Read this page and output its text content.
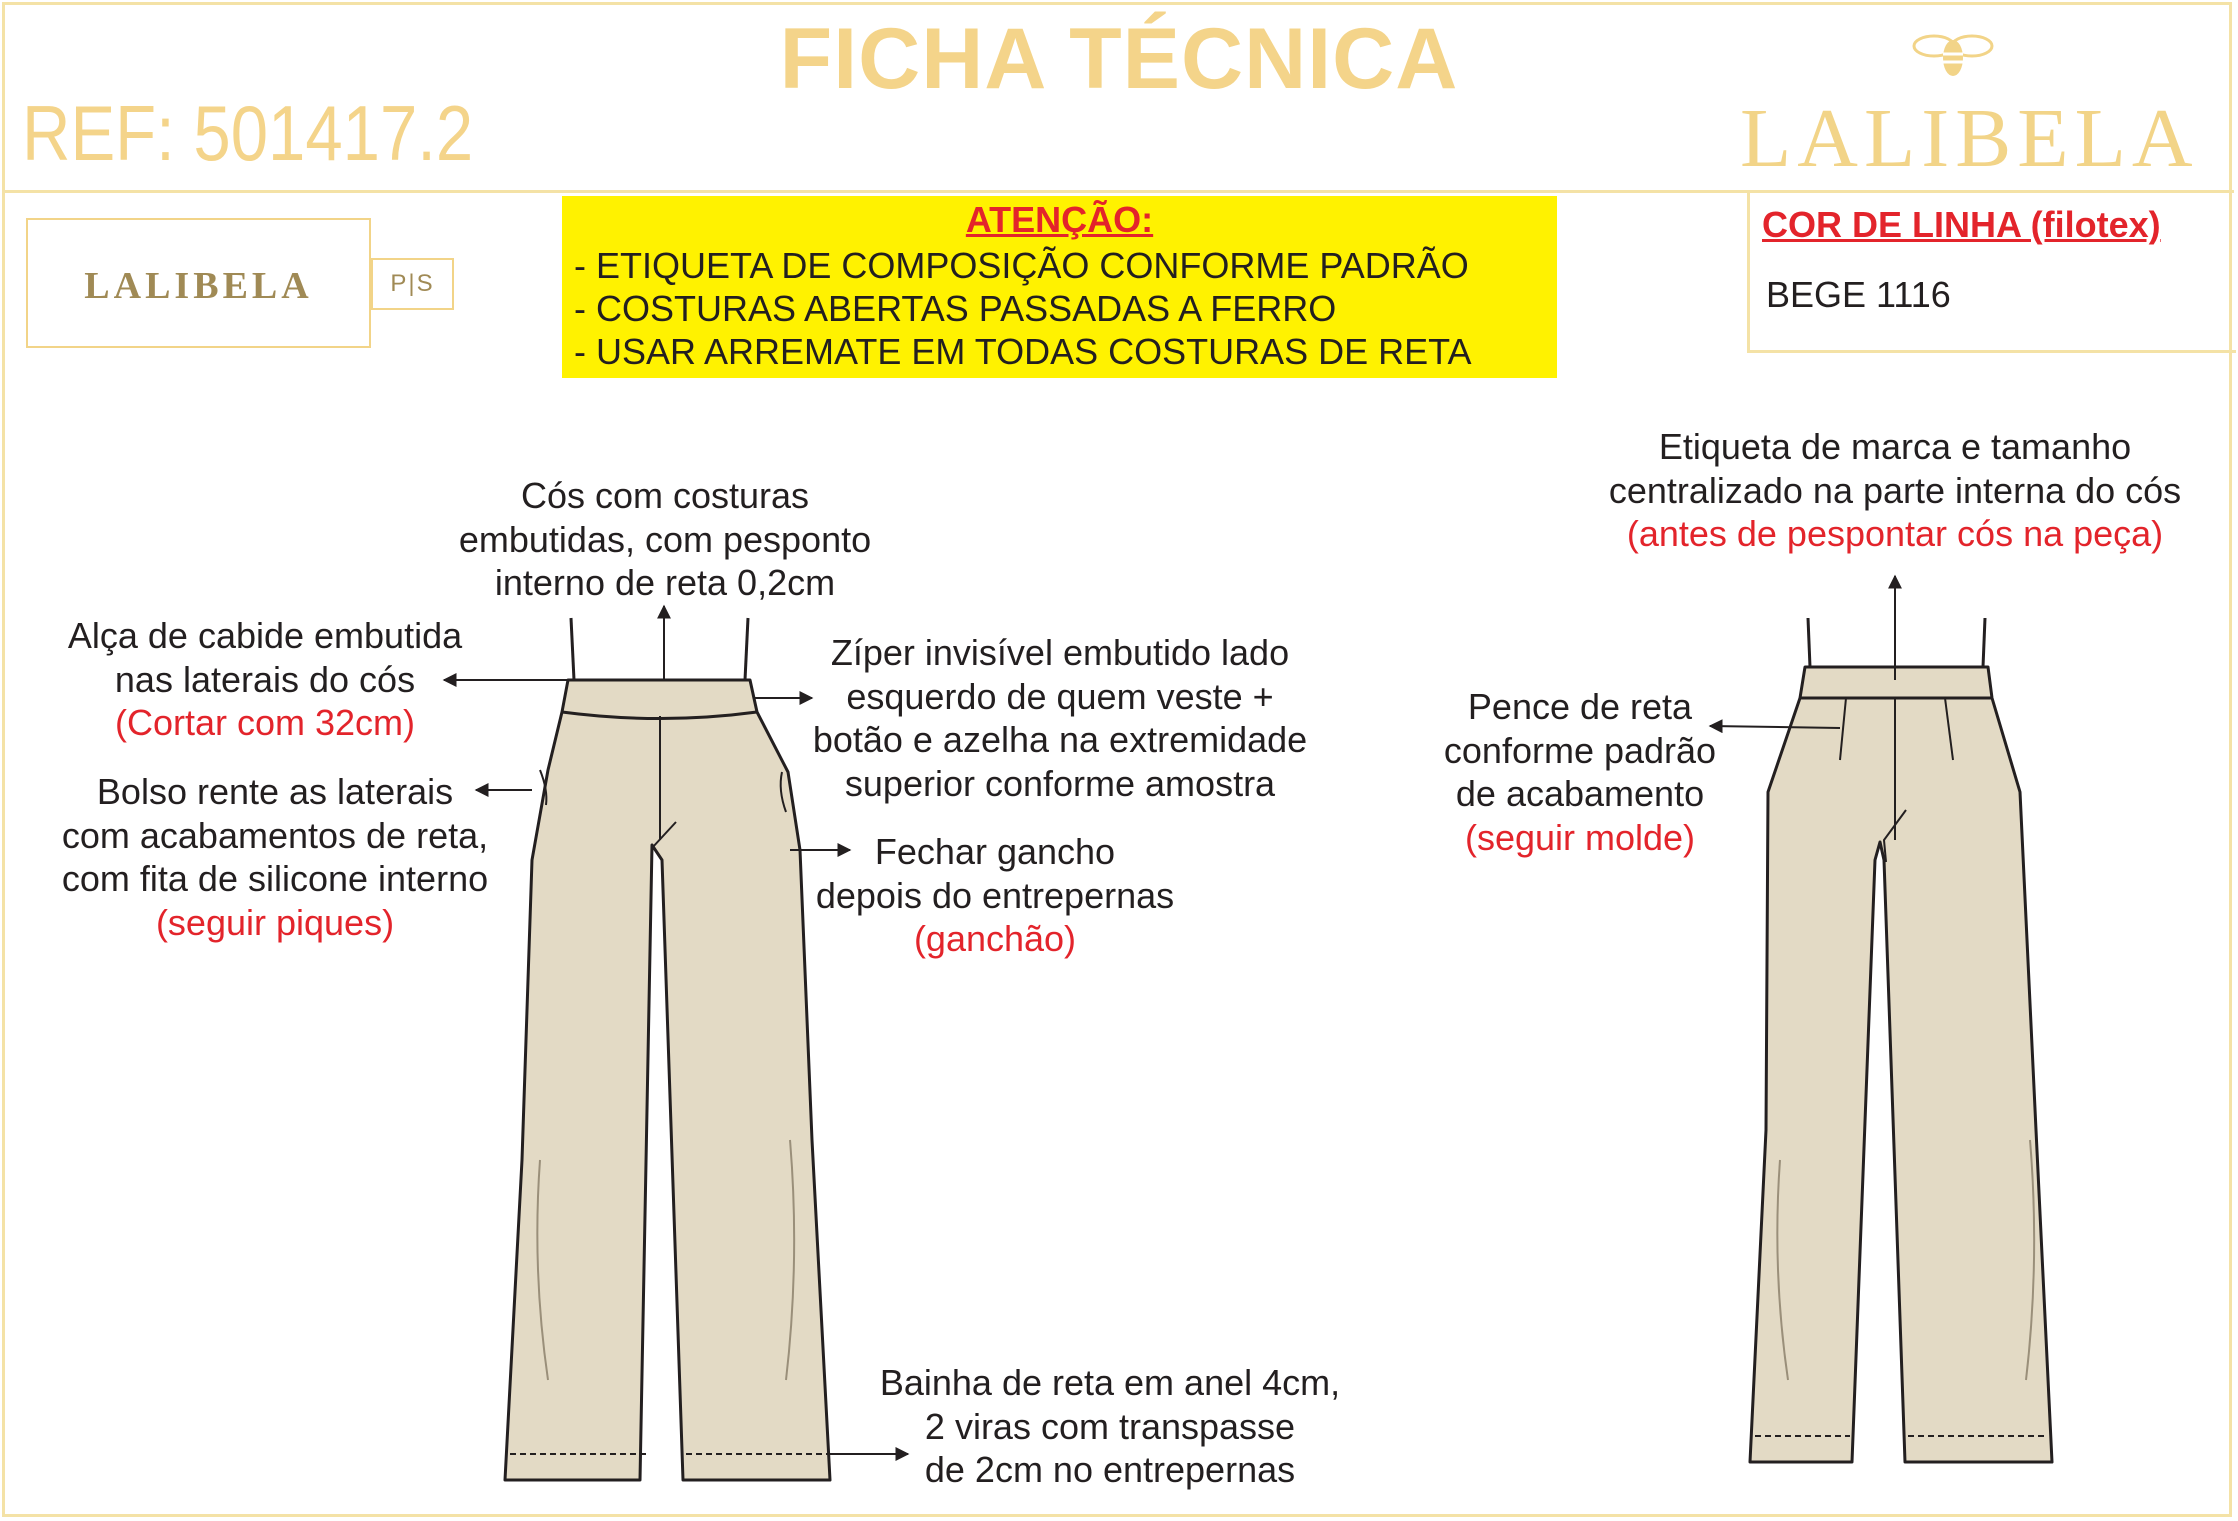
FICHA TÉCNICA
REF: 501417.2	LALIBELA
LALIBELA	P|S
ATENÇÃO:

- ETIQUETA DE COMPOSIÇÃO CONFORME PADRÃO

- COSTURAS ABERTAS PASSADAS A FERRO

- USAR ARREMATE EM TODAS COSTURAS DE RETA

COR DE LINHA (filotex)
BEGE 1116
Cós com costuras
embutidas, com pesponto
interno de reta 0,2cm
Alça de cabide embutida
nas laterais do cós
(Cortar com 32cm)
Bolso rente as laterais
com acabamentos de reta,
com fita de silicone interno
(seguir piques)
Zíper invisível embutido lado
esquerdo de quem veste +
botão e azelha na extremidade
superior conforme amostra
Fechar gancho
depois do entrepernas
(ganchão)
Bainha de reta em anel 4cm,
2 viras com transpasse
de 2cm no entrepernas
Etiqueta de marca e tamanho
centralizado na parte interna do cós
(antes de pespontar cós na peça)
Pence de reta
conforme padrão
de acabamento
(seguir molde)
